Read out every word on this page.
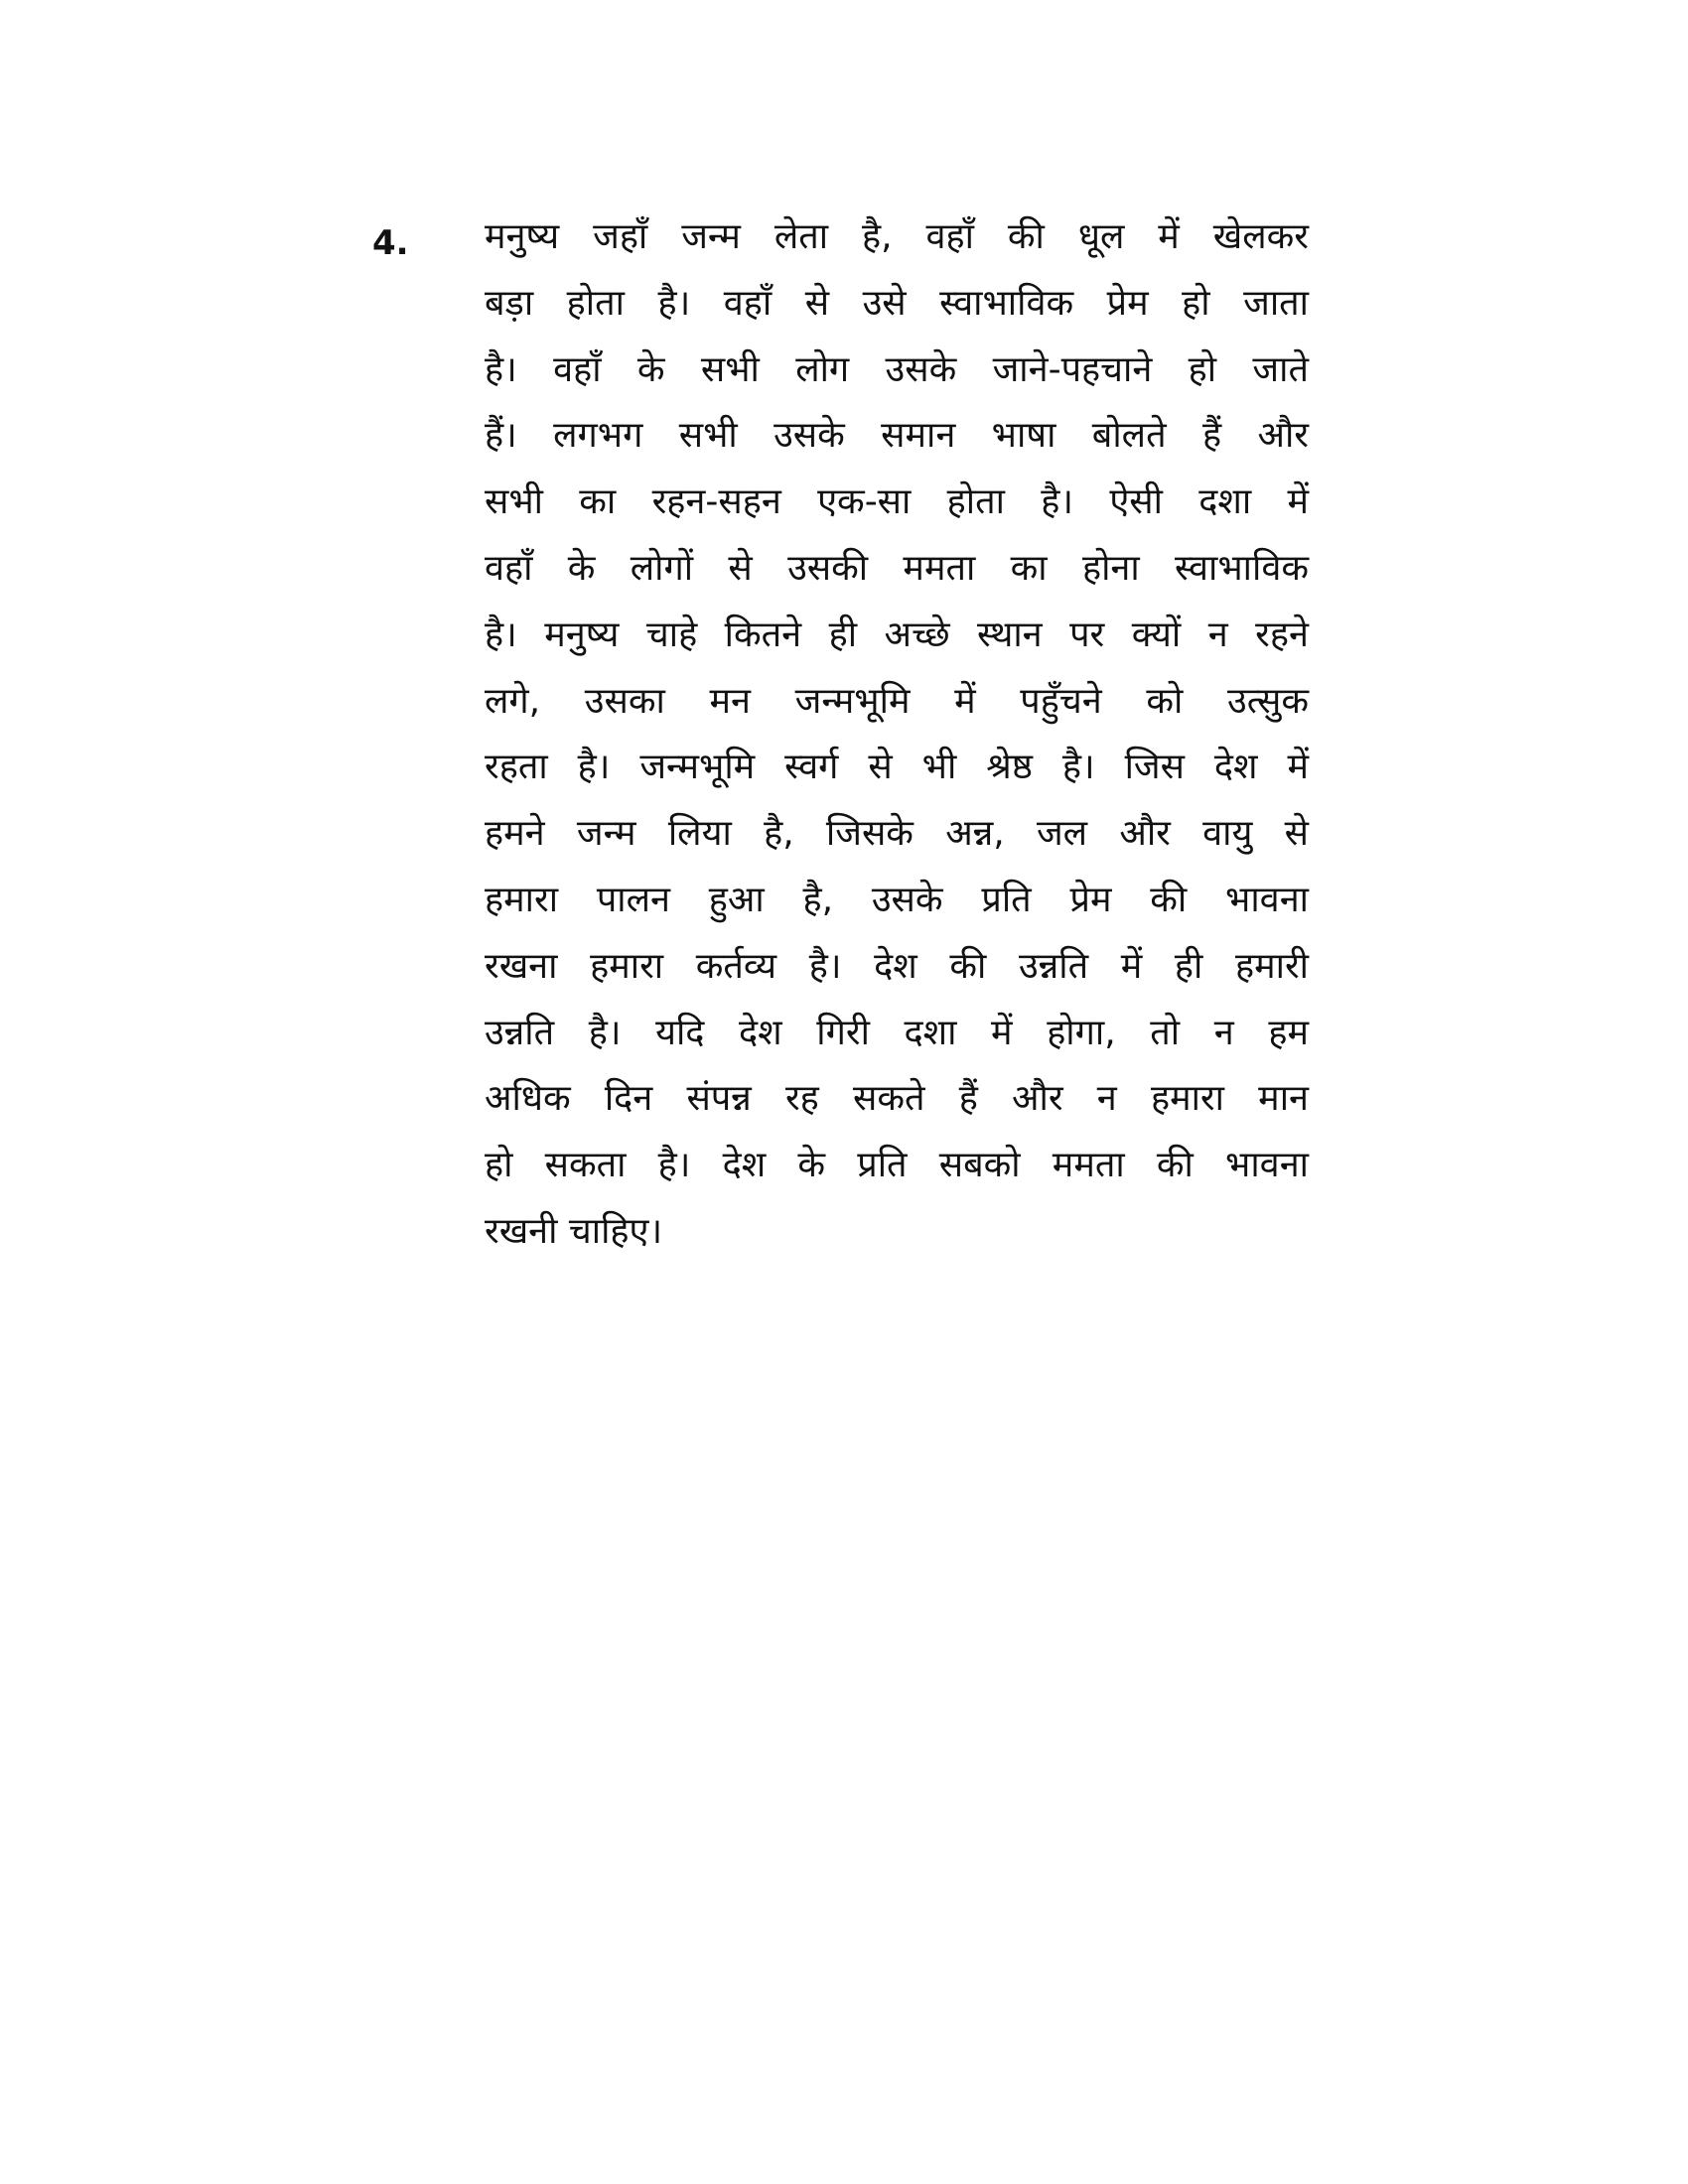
4. मनुष्य जहाँ जन्म लेता है, वहाँ की धूल में खेलकर
बड़ा होता है। वहाँ से उसे स्वाभाविक प्रेम हो जाता
है। वहाँ के सभी लोग उसके जाने-पहचाने हो जाते
हैं। लगभग सभी उसके समान भाषा बोलते हैं और
सभी का रहन-सहन एक-सा होता है। ऐसी दशा में
वहाँ के लोगों से उसकी ममता का होना स्वाभाविक
है। मनुष्य चाहे कितने ही अच्छे स्थान पर क्यों न रहने
लगे, उसका मन जन्मभूमि में पहुँचने को उत्सुक
रहता है। जन्मभूमि स्वर्ग से भी श्रेष्ठ है। जिस देश में
हमने जन्म लिया है, जिसके अन्न, जल और वायु से
हमारा पालन हुआ है, उसके प्रति प्रेम की भावना
रखना हमारा कर्तव्य है। देश की उन्नति में ही हमारी
उन्नति है। यदि देश गिरी दशा में होगा, तो न हम
अधिक दिन संपन्न रह सकते हैं और न हमारा मान
हो सकता है। देश के प्रति सबको ममता की भावना
रखनी चाहिए।
